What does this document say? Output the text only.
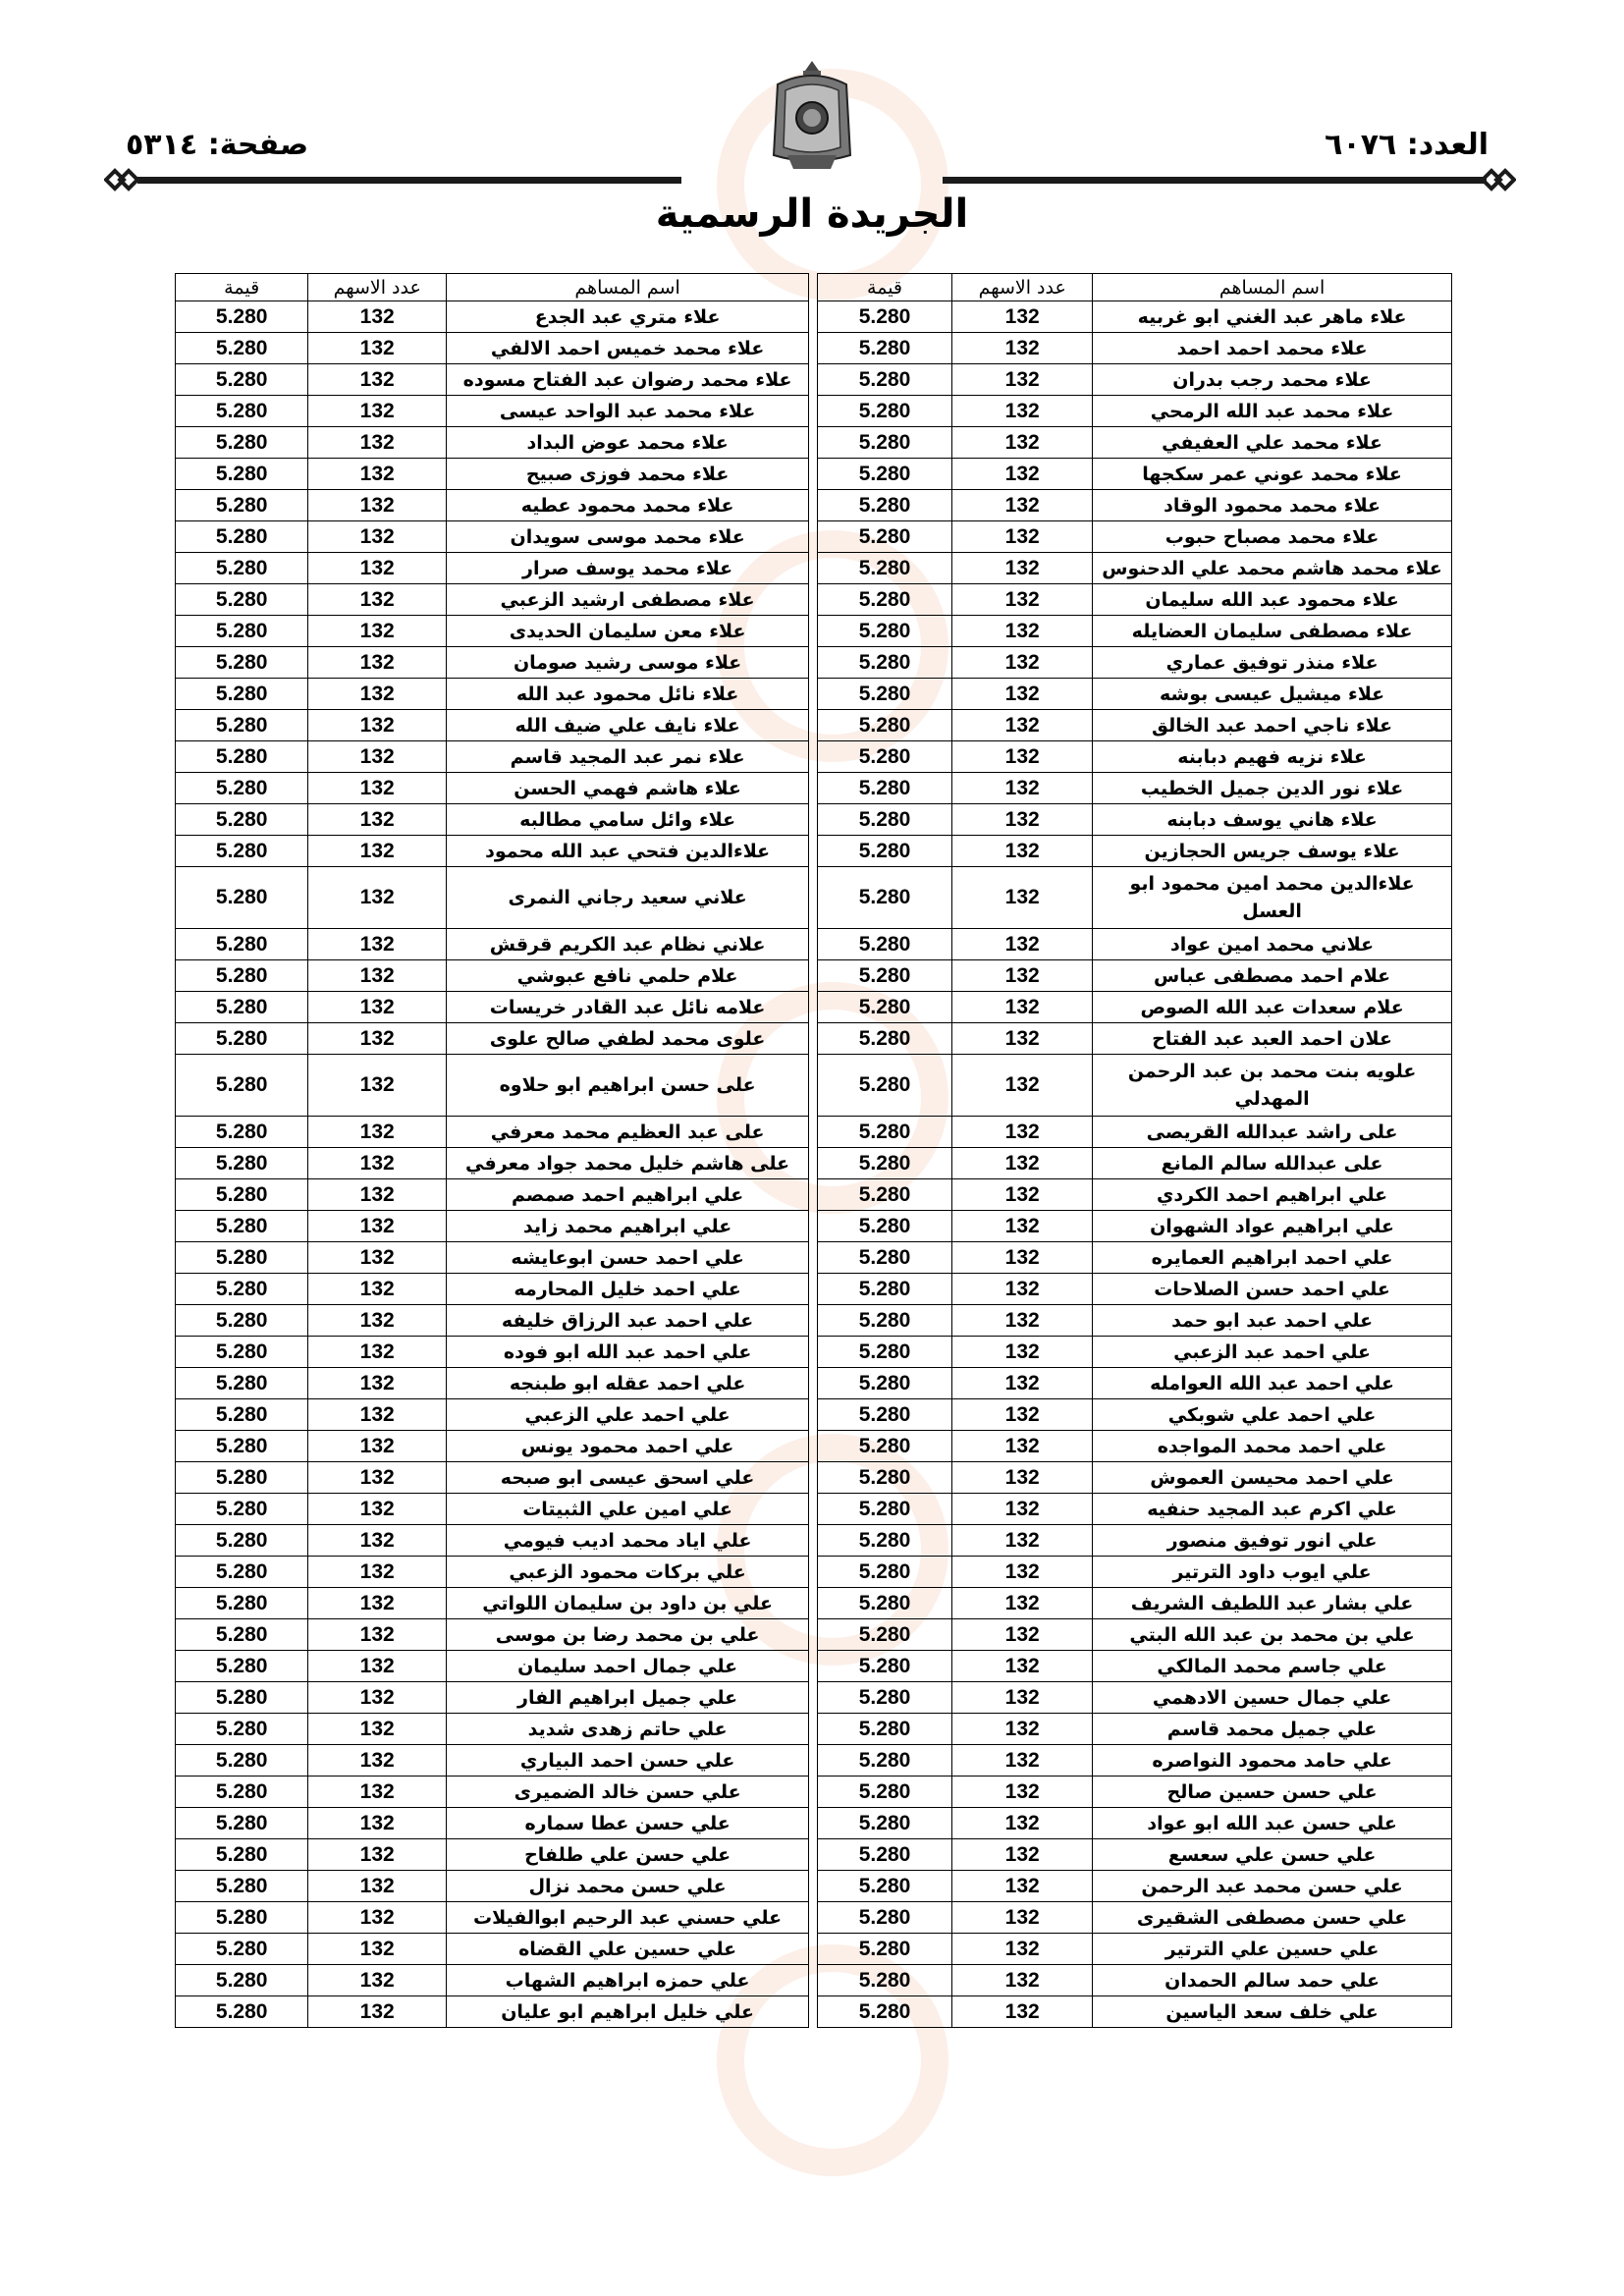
العدد: ٦٠٧٦
صفحة: ٥٣١٤
الجريدة الرسمية
اسم المساهم	عدد الاسهم	قيمة		اسم المساهم	عدد الاسهم	قيمة
علاء ماهر عبد الغني ابو غربيه	132	5.280		علاء متري عبد الجدع	132	5.280
علاء محمد احمد احمد	132	5.280		علاء محمد خميس احمد الالفي	132	5.280
علاء محمد رجب بدران	132	5.280		علاء محمد رضوان عبد الفتاح مسوده	132	5.280
علاء محمد عبد الله الرمحي	132	5.280		علاء محمد عبد الواحد عيسى	132	5.280
علاء محمد علي العفيفي	132	5.280		علاء محمد عوض البداد	132	5.280
علاء محمد عوني عمر سكجها	132	5.280		علاء محمد فوزى صبيح	132	5.280
علاء محمد محمود الوقاد	132	5.280		علاء محمد محمود عطيه	132	5.280
علاء محمد مصباح حبوب	132	5.280		علاء محمد موسى سويدان	132	5.280
علاء محمد هاشم محمد علي الدحنوس	132	5.280		علاء محمد يوسف صرار	132	5.280
علاء محمود عبد الله سليمان	132	5.280		علاء مصطفى ارشيد الزعبي	132	5.280
علاء مصطفى سليمان العضايله	132	5.280		علاء معن سليمان الحديدى	132	5.280
علاء منذر توفيق عماري	132	5.280		علاء موسى رشيد صومان	132	5.280
علاء ميشيل عيسى بوشه	132	5.280		علاء نائل محمود عبد الله	132	5.280
علاء ناجي احمد عبد الخالق	132	5.280		علاء نايف علي ضيف الله	132	5.280
علاء نزيه فهيم دبابنه	132	5.280		علاء نمر عبد المجيد قاسم	132	5.280
علاء نور الدين جميل الخطيب	132	5.280		علاء هاشم فهمي الحسن	132	5.280
علاء هاني يوسف دبابنه	132	5.280		علاء وائل سامي مطالبه	132	5.280
علاء يوسف جريس الحجازين	132	5.280		علاءالدين فتحي عبد الله محمود	132	5.280
علاءالدين محمد امين محمود ابو العسل	132	5.280		علاني سعيد رجاني النمرى	132	5.280
علاني محمد امين عواد	132	5.280		علاني نظام عبد الكريم قرقش	132	5.280
علام احمد مصطفى عباس	132	5.280		علام حلمي نافع عبوشي	132	5.280
علام سعدات عبد الله الصوص	132	5.280		علامه نائل عبد القادر خريسات	132	5.280
علان احمد العبد عبد الفتاح	132	5.280		علوى محمد لطفي صالح علوى	132	5.280
علويه بنت محمد بن عبد الرحمن المهدلي	132	5.280		على حسن ابراهيم ابو حلاوه	132	5.280
على راشد عبدالله القريصى	132	5.280		على عبد العظيم محمد معرفي	132	5.280
على عبدالله سالم المانع	132	5.280		على هاشم خليل محمد جواد معرفي	132	5.280
علي ابراهيم احمد الكردي	132	5.280		علي ابراهيم احمد صمصم	132	5.280
علي ابراهيم عواد الشهوان	132	5.280		علي ابراهيم محمد زايد	132	5.280
علي احمد ابراهيم العمايره	132	5.280		علي احمد حسن ابوعايشه	132	5.280
علي احمد حسن الصلاحات	132	5.280		علي احمد خليل المحارمه	132	5.280
علي احمد عبد ابو حمد	132	5.280		علي احمد عبد الرزاق خليفه	132	5.280
علي احمد عبد الزعبي	132	5.280		علي احمد عبد الله ابو فوده	132	5.280
علي احمد عبد الله العوامله	132	5.280		علي احمد عقله ابو طبنجه	132	5.280
علي احمد علي شوبكي	132	5.280		علي احمد علي الزعبي	132	5.280
علي احمد محمد المواجده	132	5.280		علي احمد محمود يونس	132	5.280
علي احمد محيسن العموش	132	5.280		علي اسحق عيسى ابو صبحه	132	5.280
علي اكرم عبد المجيد حنفيه	132	5.280		علي امين علي الثبيتات	132	5.280
علي انور توفيق منصور	132	5.280		علي اياد محمد اديب فيومي	132	5.280
علي ايوب داود الترتير	132	5.280		علي بركات محمود الزعبي	132	5.280
علي بشار عبد اللطيف الشريف	132	5.280		علي بن داود بن سليمان اللواتي	132	5.280
علي بن محمد بن عبد الله البتي	132	5.280		علي بن محمد رضا بن موسى	132	5.280
علي جاسم محمد المالكي	132	5.280		علي جمال احمد سليمان	132	5.280
علي جمال حسين الادهمي	132	5.280		علي جميل ابراهيم الفار	132	5.280
علي جميل محمد قاسم	132	5.280		علي حاتم زهدى شديد	132	5.280
علي حامد محمود النواصره	132	5.280		علي حسن احمد البياري	132	5.280
علي حسن حسين صالح	132	5.280		علي حسن خالد الضميرى	132	5.280
علي حسن عبد الله ابو عواد	132	5.280		علي حسن عطا سماره	132	5.280
علي حسن علي سعسع	132	5.280		علي حسن علي طلفاح	132	5.280
علي حسن محمد عبد الرحمن	132	5.280		علي حسن محمد نزال	132	5.280
علي حسن مصطفى الشقيرى	132	5.280		علي حسني عبد الرحيم ابوالفيلات	132	5.280
علي حسين علي الترتير	132	5.280		علي حسين علي القضاه	132	5.280
علي حمد سالم الحمدان	132	5.280		علي حمزه ابراهيم الشهاب	132	5.280
علي خلف سعد الياسين	132	5.280		علي خليل ابراهيم ابو عليان	132	5.280
